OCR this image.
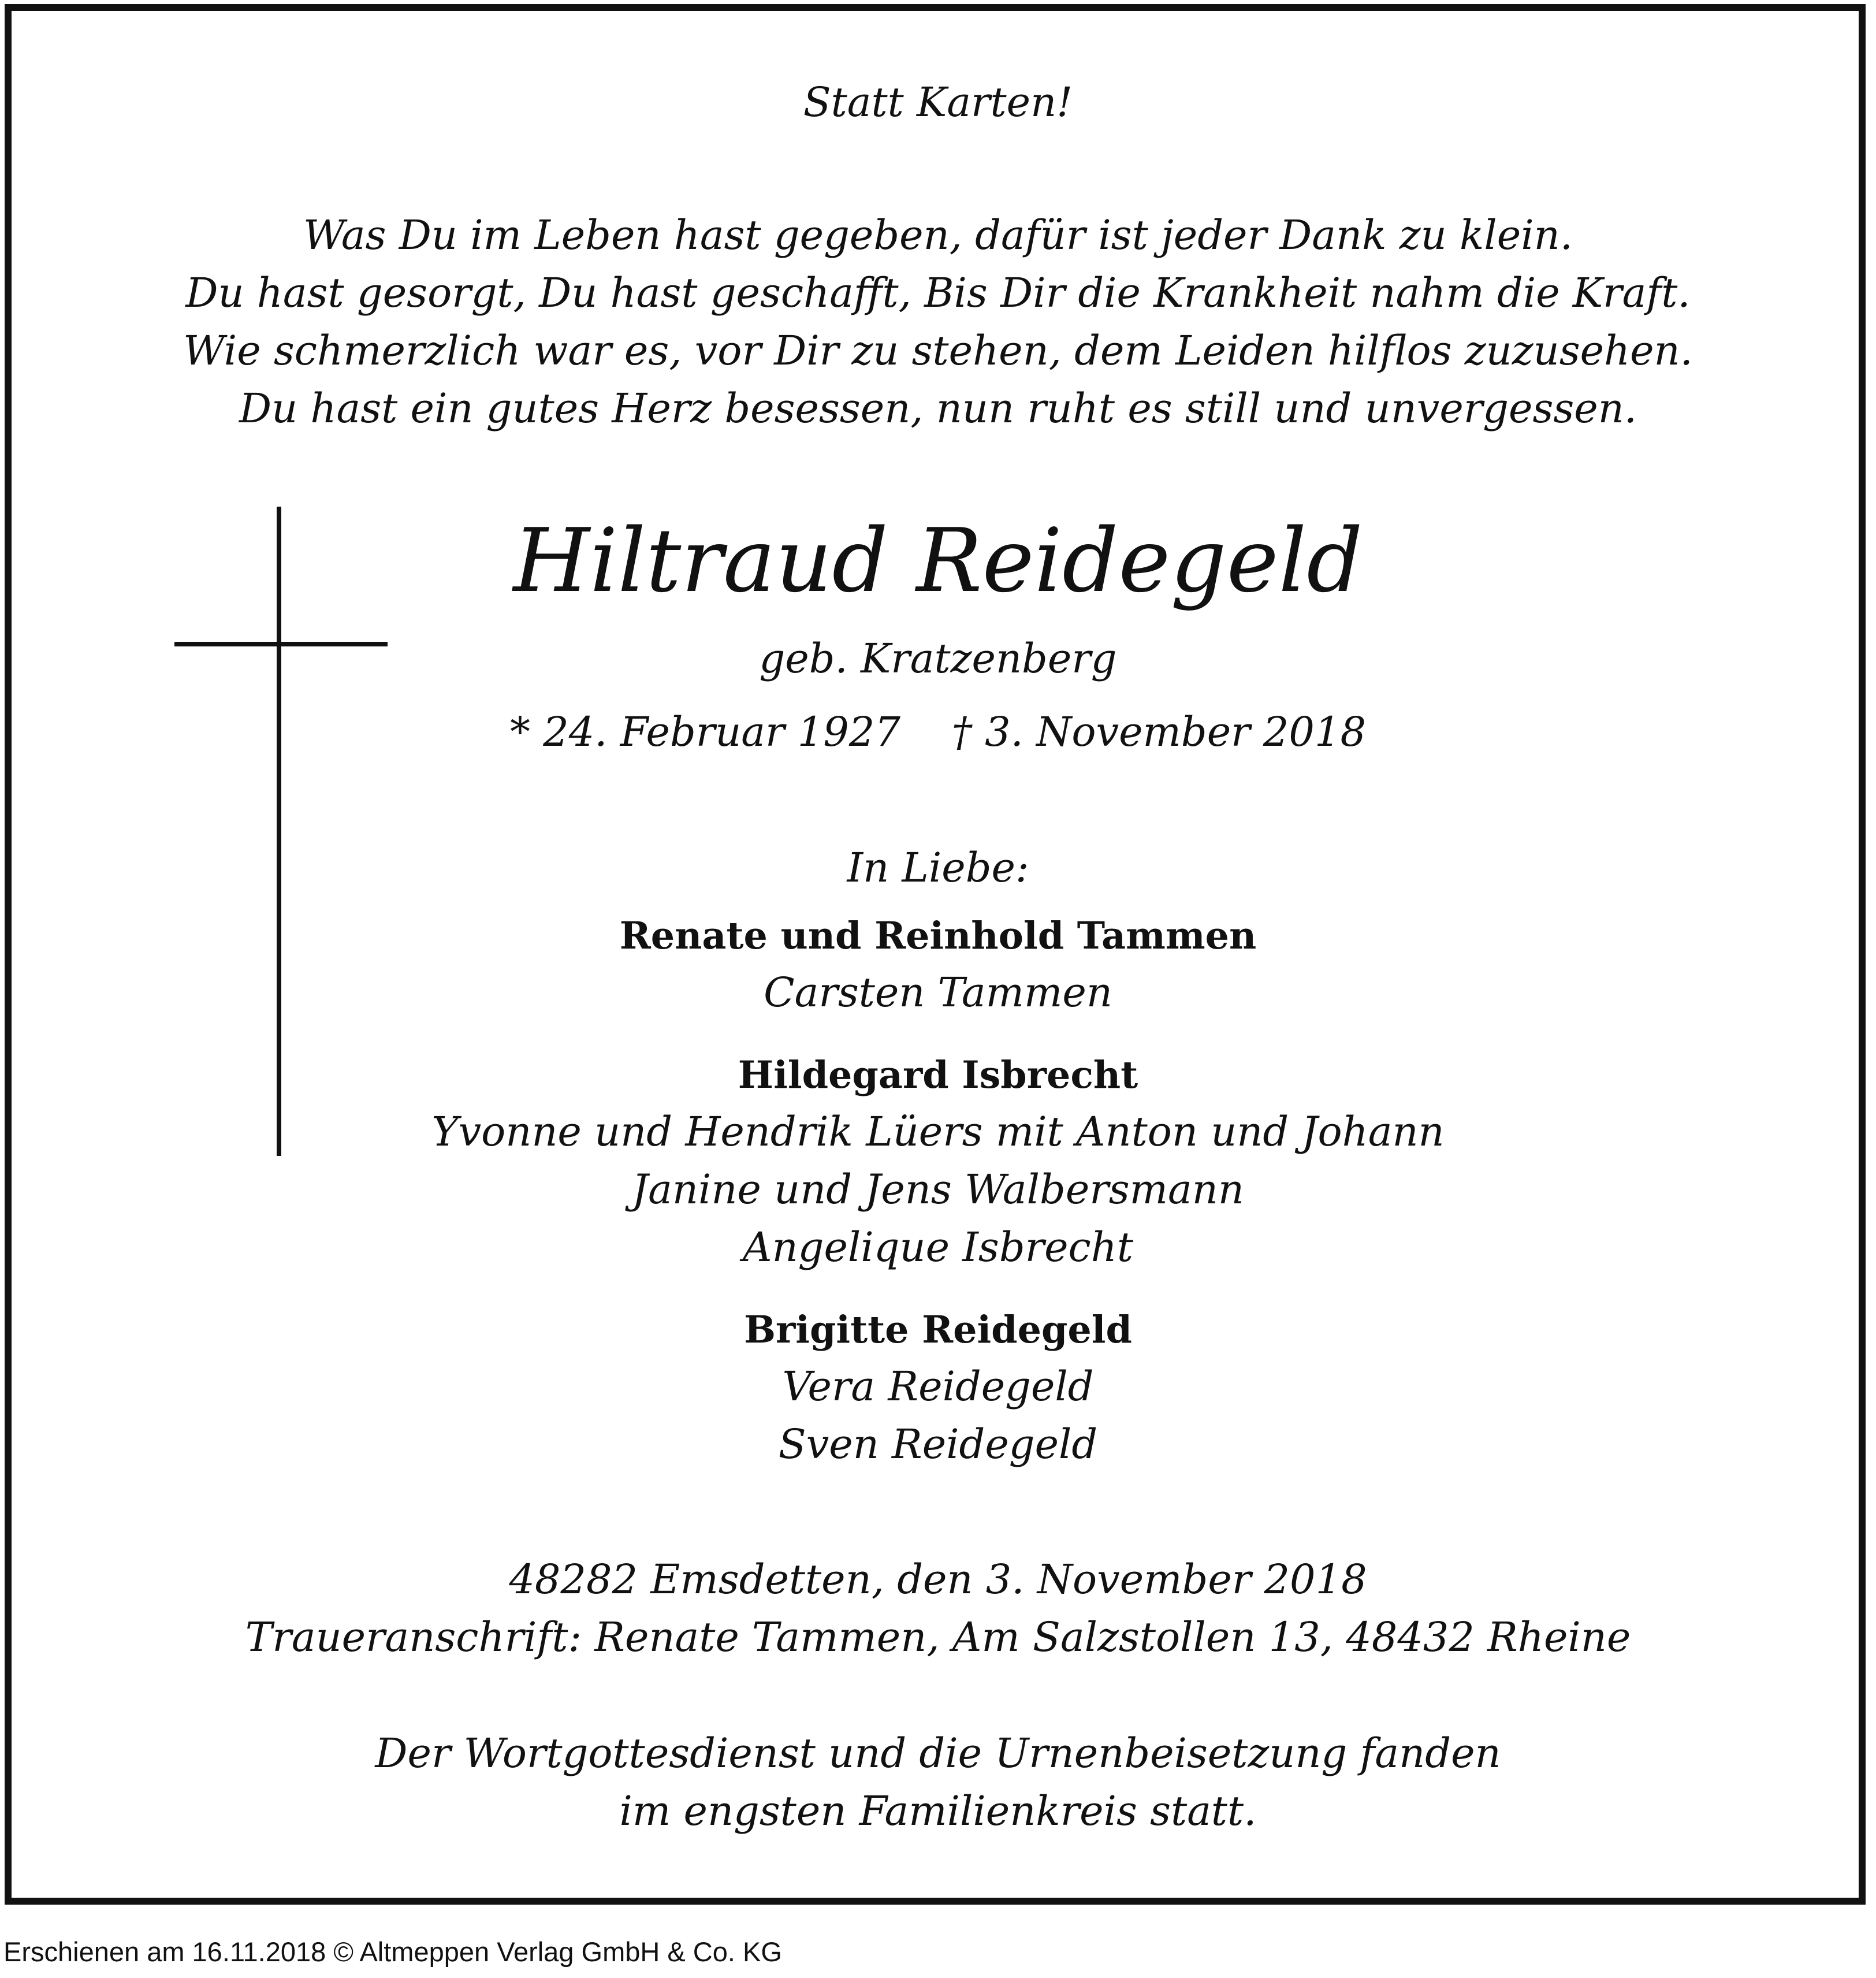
Statt Karten!
Was Du im Leben hast gegeben, dafür ist jeder Dank zu klein.
Du hast gesorgt, Du hast geschafft, Bis Dir die Krankheit nahm die Kraft.
Wie schmerzlich war es, vor Dir zu stehen, dem Leiden hilflos zuzusehen.
Du hast ein gutes Herz besessen, nun ruht es still und unvergessen.
Hiltraud Reidegeld
geb. Kratzenberg
* 24. Februar 1927    † 3. November 2018
In Liebe:
Renate und Reinhold Tammen
Carsten Tammen
Hildegard Isbrecht
Yvonne und Hendrik Lüers mit Anton und Johann
Janine und Jens Walbersmann
Angelique Isbrecht
Brigitte Reidegeld
Vera Reidegeld
Sven Reidegeld
48282 Emsdetten, den 3. November 2018
Traueranschrift: Renate Tammen, Am Salzstollen 13, 48432 Rheine
Der Wortgottesdienst und die Urnenbeisetzung fanden
im engsten Familienkreis statt.
Erschienen am 16.11.2018 © Altmeppen Verlag GmbH & Co. KG
